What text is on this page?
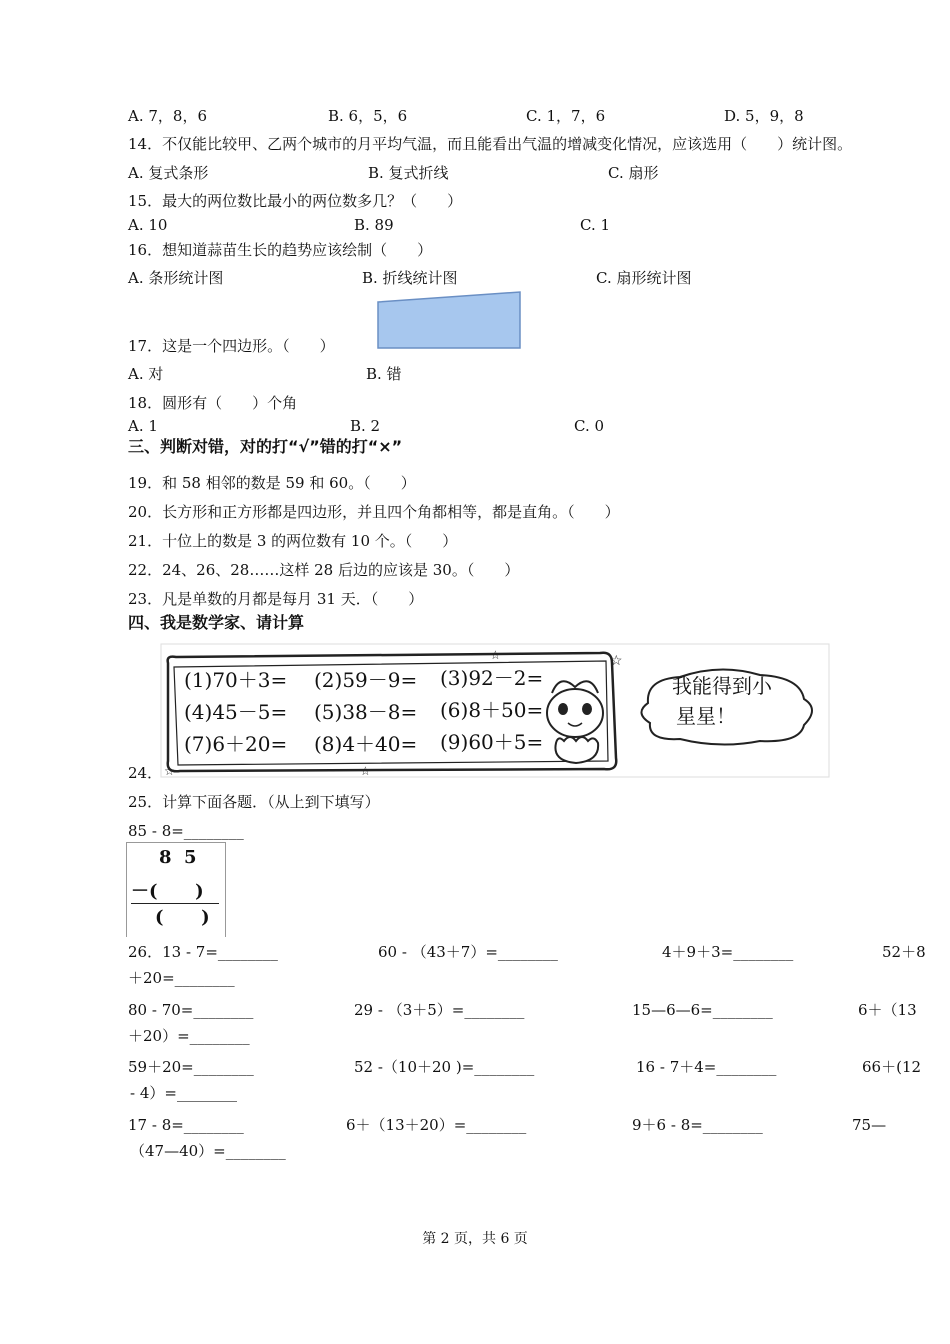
A. 7，8，6	B. 6，5，6	C. 1，7，6	D. 5，9，8
14．不仅能比较甲、乙两个城市的月平均气温，而且能看出气温的增减变化情况，应该选用（　　）统计图。
A. 复式条形	B. 复式折线	C. 扇形
15．最大的两位数比最小的两位数多几？（　　）
A. 10	B. 89	C. 1
16．想知道蒜苗生长的趋势应该绘制（　　）
A. 条形统计图	B. 折线统计图	C. 扇形统计图
17．这是一个四边形。（　　）
A. 对	B. 错
18．圆形有（　　）个角
A. 1	B. 2	C. 0
三、判断对错，对的打“√”错的打“×”
19．和 58 相邻的数是 59 和 60。（　　）
20．长方形和正方形都是四边形，并且四个角都相等，都是直角。（　　）
21．十位上的数是 3 的两位数有 10 个。（　　）
22．24、26、28……这样 28 后边的应该是 30。（　　）
23．凡是单数的月都是每月 31 天．（　　）
四、我是数学家、请计算
24．
☆
☆	☆
☆
(1)70＋3= (2)59－9= (3)92－2=
(4)45－5= (5)38－8= (6)8＋50=
(7)6＋20= (8)4＋40= (9)60＋5=
我能得到小
星星！
25．计算下面各题．（从上到下填写）
85 - 8=________
8  5
－(      )
(      )
26．13 - 7=________	60 - （43＋7）=________	4＋9＋3=________	52＋8
＋20=________
80 - 70=________	29 - （3＋5）=________	15—6—6=________	6＋（13
＋20）=________
59＋20=________	52 -（10＋20 )=________	16 - 7＋4=________	66＋(12
- 4）=________
17 - 8=________	6＋（13＋20）=________	9＋6 - 8=________	75—
（47—40）=________
第 2 页，共 6 页
